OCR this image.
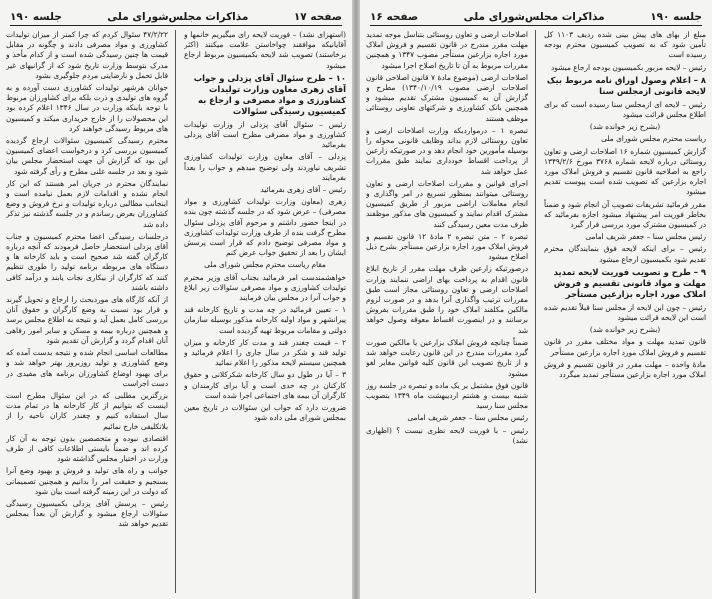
جلسه ۱۹۰	مذاکرات مجلس‌شورای ملی	صفحه ۱۷

(استهزای نشد) – فوریت لایحه رای میگیریم خانمها و آقایانیکه موافقند چواخاستن علامت میکنند (اکثر برخاستند) تصویب شد لایحه بکمیسیون مربوط ارجاع میشود

۱۰ – طرح سئوال آقای پزدلی و جواب آقای زهری معاون وزارت تولیدات کشاورزی و مواد مصرفی و ارجاع به کمیسیون رسیدگی سئوالات

رئیس – سئوال آقای پزدلی از وزارت تولیدات کشاورزی و مواد مصرفی مطرح است آقای پزدلی بفرمائید

پزدلی – آقای معاون وزارت تولیدات کشاورزی تشریف نیاوردند ولی توضیح میدهم و جواب را بعداً بفرمایند

رئیس – آقای زهری بفرمائید

زهری (معاون وزارت تولیدات کشاورزی و مواد مصرفی) – عرض شود که در جلسه گذشته چون بنده در اینجا حضور داشتم و مرحوم آقای پزدلی سئوال مطرح گرفت بنده از طرف وزارت تولیدات کشاورزی و مواد مصرفی توضیح دادم که قرار است پرسش ایشان را بعد از تحقیق جواب عرض کنم

مقام ریاست محترم مجلس شورای ملی

خواهشمندست امر فرمائید بجناب آقای وزیر محترم تولیدات کشاورزی و مواد مصرفی سئوالات زیر ابلاغ و جواب آنرا در مجلس بیان فرمایند

۱ – تعیین فرمائید در چه مدت و تاریخ کارخانه قند پیرانشهر و مواد اولیه کارخانه مذکور بوسیله سازمان دولتی و مقامات مربوط تهیه گردیده است

۲ – قیمت چغندر قند و مدت کار کارخانه و میزان تولید قند و شکر در سال جاری را اعلام فرمائید و همچنین سیستم لایحه مذکور را اعلام نمائید

۳ – آیا در طول دو سال کارخانه شکرکلانی و حقوق کارکنان در چه حدی است و آیا برای کارمندان و کارگران آن بیمه های اجتماعی اجرا شده است

ضرورت دارد که جواب این سئوالات در تاریخ معین بمجلس شورای ملی داده شود

۴۷/۲/۲۲ سئوال کردم که چرا کمتر از میزان تولیدات کشاورزی و مواد مصرفی دادند و چگونه در مقابل قیمت ها چنین رسیدگی شده است و از کدام مأخذ و مدرک بتوسط وزارت تاریخ شود که از گرانیهای غیر قابل تحمل و نارضایتی مردم جلوگیری بشود

جوانان هرشهر تولیدات کشاورزی دست آورده و به گروه های تولیدی و ذرت بلکه برای کشاورزان مربوط با توجه باینکه وزارت در سال ۱۳۴۶ اعلام کرده بود این محصولات را از خارج خریداری میکند و کمیسیون های مربوط رسیدگی خواهند کرد

محترم رسیدگی کمیسیون سئوالات ارجاع گردیده کمیسیون بررسی کرد و درخواست اعضای کمیسیون این بود که گزارش آن جهت استحضار مجلس بیان شود و بعد در جلسه علنی مطرح و رأی گرفته شود

نمایندگان محترم در جریان امر هستند که این کار انجام نشده و اقدامات لازم بعمل نیامده است و اینجانب مطالبی درباره تولیدات و نرخ فروش و وضع کشاورزان بعرض رساندم و در جلسه گذشته نیز تذکر داده شد

درجلسات رسیدگی اعضا محترم کمیسیون و جناب آقای پزدلی استحضار حاصل فرمودند که آنچه درباره کارگران گفته شد صحیح است و باید کارخانه ها و دستگاه های مربوطه برنامه تولید را طوری تنظیم کنند که کارگران از بیکاری نجات یابند و درآمد کافی داشته باشند

از آنکه کارگاه های موردبحث را ارجاع و تحویل گیرند و قرار بود نسبت به وضع کارگران و حقوق آنان بررسی کامل بعمل آید و نتیجه به اطلاع مجلس برسد و همچنین درباره بیمه و مسکن و سایر امور رفاهی آنان اقدام گردد و گزارش آن تقدیم شود

مطالعات اساسی انجام شده و نتیجه بدست آمده که وضع کشاورزی و تولید روزبروز بهتر خواهد شد و برای بهبود اوضاع کشاورزان برنامه های مفیدی در دست اجراست

بزرگترین مطلبی که در این سئوال مطرح است اینست که بتوانیم از کار کارخانه ها در تمام مدت سال استفاده کنیم و چغندر کاران ناحیه را از بلاتکلیفی خارج نمائیم

اقتصادی نبوده و متخصصین بدون توجه به آن کار کرده اند و ضمناً بایستی اطلاعات کافی از طرف وزارت در اختیار مجلس گذاشته شود

جوانب و راه های تولید و فروش و بهبود وضع آنرا بسنجیم و حقیقت امر را بدانیم و همچنین تصمیماتی که دولت در این زمینه گرفته است بیان شود

رئیس – پرسش آقای پزدلی بکمیسیون رسیدگی سئوالات ارجاع میشود و گزارش آن بعداً بمجلس تقدیم خواهد شد

صفحه ۱۶	مذاکرات مجلس‌شورای ملی	جلسه ۱۹۰

مبلغ از بهای های پیش بینی شده ردیف ۱۱۰۳ کل تأمین شود که به تصویب کمیسیون محترم بودجه رسیده است

رئیس – لایحه مزبور بکمیسیون بودجه ارجاع میشود

۸ – اعلام وصول اوراق نامه مربوط بیک لایحه قانونی ازمجلس سنا

رئیس – لایحه ای ازمجلس سنا رسیده است که برای اطلاع مجلس قرائت میشود

(بشرح زیر خوانده شد)

ریاست محترم مجلس شورای ملی

گزارش کمیسیون شماره ۱۶ اصلاحات ارضی و تعاون روستائی درباره لایحه شماره ۳۷۶۸ مورخ ۱۳۴۹/۲/۶ راجع به اصلاحیه قانون تقسیم و فروش املاک مورد اجاره بزارعین که تصویب شده است پیوست تقدیم میشود

مقرر فرمائید تشریفات تصویب آن انجام شود و ضمناً بخاطر فوریت امر پیشنهاد میشود اجازه بفرمائید که در کمیسیون مشترک مورد بررسی قرار گیرد

رئیس مجلس سنا – جعفر شریف امامی

رئیس – برای اینکه لایحه فوق بنمایندگان محترم تقدیم شود بکمیسیون ارجاع میشود

۹ – طرح و تصویب فوریت لایحه تمدید مهلت و مواد قانونی تقسیم و فروش املاک مورد اجاره بزارعین مستأجر

رئیس – چون این لایحه از مجلس سنا قبلاً تقدیم شده است این لایحه قرائت میشود

(بشرح زیر خوانده شد)

قانون تمدید مهلت و مواد مختلف مقرر در قانون تقسیم و فروش املاک مورد اجاره بزارعین مستأجر

مادهٔ واحده – مهلت مقرر در قانون تقسیم و فروش املاک مورد اجاره بزارعین مستأجر تمدید میگردد

اصلاحات ارضی و تعاون روستائی بتناسل موجه تمدید مهلت مقرر مندرج در قانون تقسیم و فروش املاک مورد اجاره بزارعین مستأجر مصوب ۱۳۴۷ و همچنین مقررات مربوط به آن تا تاریخ اصلاح اجرا میشود

اصلاحات ارضی (موضوع مادهٔ ۷ قانون اصلاحی قانون اصلاحات ارضی مصوب ۱۳۴۰/۱۰/۱۹) مطرح و گزارش آن به کمیسیون مشترک تقدیم میشود و همچنین بانک کشاورزی و شرکتهای تعاونی روستائی موظف هستند

تبصره ۱ – درمواردیکه وزارت اصلاحات ارضی و تعاون روستائی لازم بداند وظایف قانونی محوله را بوسیله مأمورین خود انجام دهد و در صورتیکه زارعین از پرداخت اقساط خودداری نمایند طبق مقررات عمل خواهد شد

اجرای قوانین و مقررات اصلاحات ارضی و تعاون روستائی میتوانند بمنظور تسریع در امر واگذاری و انجام معاملات اراضی مزبور از طریق کمیسیون مشترک اقدام نمایند و کمیسیون های مذکور موظفند ظرف مدت معین رسیدگی کنند

تبصره ۲ – متن تبصره ۲ مادهٔ ۱۲ قانون تقسیم و فروش املاک مورد اجاره بزارعین مستأجر بشرح ذیل اصلاح میشود

درصورتیکه زارعین ظرف مهلت مقرر از تاریخ ابلاغ قانون اقدام به پرداخت بهای اراضی ننمایند وزارت اصلاحات ارضی و تعاون روستائی مجاز است طبق مقررات ترتیب واگذاری آنرا بدهد و در صورت لزوم مالکین مکلفند املاک خود را طبق مقررات بفروش برسانند و در اینصورت اقساط معوقه وصول خواهد شد

ضمناً چنانچه فروش املاک بزارعین یا مالکین صورت گیرد مقررات مندرج در این قانون رعایت خواهد شد و از تاریخ تصویب این قانون کلیه قوانین مغایر لغو میشود

قانون فوق مشتمل بر یک ماده و تبصره در جلسه روز شنبه بیست و هشتم اردیبهشت ماه ۱۳۴۹ بتصویب مجلس سنا رسید

رئیس مجلس سنا – جعفر شریف امامی

رئیس – با فوریت لایحه نظری نیست ؟ (اظهاری نشد)
